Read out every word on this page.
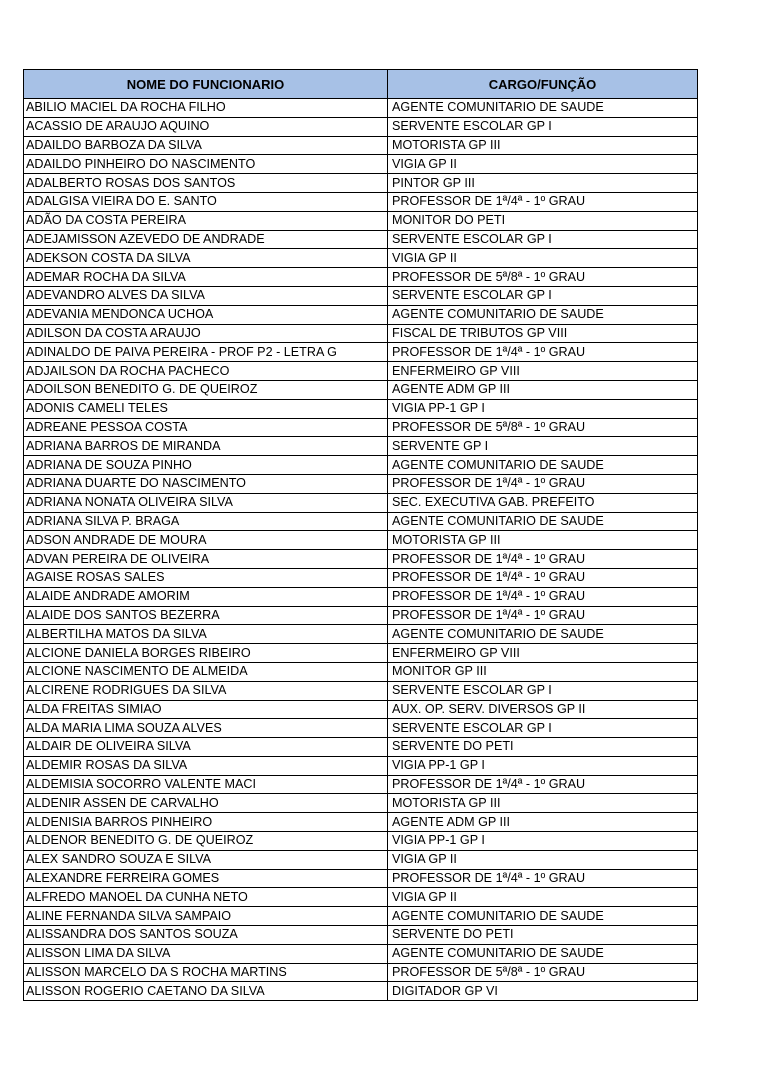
NOME DO FUNCIONARIO	CARGO/FUNÇÃO
ABILIO MACIEL DA ROCHA FILHO	AGENTE COMUNITARIO DE SAUDE
ACASSIO DE ARAUJO AQUINO	SERVENTE ESCOLAR GP I
ADAILDO BARBOZA DA SILVA	MOTORISTA GP III
ADAILDO PINHEIRO DO NASCIMENTO	VIGIA GP II
ADALBERTO ROSAS DOS SANTOS	PINTOR GP III
ADALGISA VIEIRA DO E. SANTO	PROFESSOR DE 1ª/4ª - 1º GRAU
ADÃO DA COSTA PEREIRA	MONITOR DO PETI
ADEJAMISSON AZEVEDO DE ANDRADE	SERVENTE ESCOLAR GP I
ADEKSON COSTA DA SILVA	VIGIA GP II
ADEMAR ROCHA DA SILVA	PROFESSOR DE 5ª/8ª - 1º GRAU
ADEVANDRO ALVES DA SILVA	SERVENTE ESCOLAR GP I
ADEVANIA MENDONCA UCHOA	AGENTE COMUNITARIO DE SAUDE
ADILSON DA COSTA ARAUJO	FISCAL DE TRIBUTOS GP VIII
ADINALDO DE PAIVA PEREIRA - PROF P2 - LETRA G	PROFESSOR DE 1ª/4ª - 1º GRAU
ADJAILSON DA ROCHA PACHECO	ENFERMEIRO GP VIII
ADOILSON BENEDITO G. DE QUEIROZ	AGENTE ADM GP III
ADONIS CAMELI TELES	VIGIA PP-1 GP I
ADREANE PESSOA COSTA	PROFESSOR DE 5ª/8ª - 1º GRAU
ADRIANA BARROS DE MIRANDA	SERVENTE GP I
ADRIANA DE SOUZA PINHO	AGENTE COMUNITARIO DE SAUDE
ADRIANA DUARTE DO NASCIMENTO	PROFESSOR DE 1ª/4ª - 1º GRAU
ADRIANA NONATA OLIVEIRA SILVA	SEC. EXECUTIVA GAB. PREFEITO
ADRIANA SILVA P. BRAGA	AGENTE COMUNITARIO DE SAUDE
ADSON ANDRADE DE MOURA	MOTORISTA GP III
ADVAN PEREIRA DE OLIVEIRA	PROFESSOR DE 1ª/4ª - 1º GRAU
AGAISE ROSAS SALES	PROFESSOR DE 1ª/4ª - 1º GRAU
ALAIDE ANDRADE AMORIM	PROFESSOR DE 1ª/4ª - 1º GRAU
ALAIDE DOS SANTOS BEZERRA	PROFESSOR DE 1ª/4ª - 1º GRAU
ALBERTILHA MATOS DA SILVA	AGENTE COMUNITARIO DE SAUDE
ALCIONE DANIELA BORGES RIBEIRO	ENFERMEIRO GP VIII
ALCIONE NASCIMENTO DE ALMEIDA	MONITOR GP III
ALCIRENE RODRIGUES DA SILVA	SERVENTE ESCOLAR GP I
ALDA FREITAS SIMIAO	AUX. OP. SERV. DIVERSOS GP II
ALDA MARIA LIMA SOUZA ALVES	SERVENTE ESCOLAR GP I
ALDAIR DE OLIVEIRA SILVA	SERVENTE DO PETI
ALDEMIR ROSAS DA SILVA	VIGIA PP-1 GP I
ALDEMISIA SOCORRO VALENTE MACI	PROFESSOR DE 1ª/4ª - 1º GRAU
ALDENIR ASSEN DE CARVALHO	MOTORISTA GP III
ALDENISIA BARROS PINHEIRO	AGENTE ADM GP III
ALDENOR BENEDITO G. DE QUEIROZ	VIGIA PP-1 GP I
ALEX SANDRO SOUZA E SILVA	VIGIA GP II
ALEXANDRE FERREIRA GOMES	PROFESSOR DE 1ª/4ª - 1º GRAU
ALFREDO MANOEL DA CUNHA NETO	VIGIA GP II
ALINE FERNANDA SILVA SAMPAIO	AGENTE COMUNITARIO DE SAUDE
ALISSANDRA DOS SANTOS SOUZA	SERVENTE DO PETI
ALISSON LIMA DA SILVA	AGENTE COMUNITARIO DE SAUDE
ALISSON MARCELO DA S ROCHA MARTINS	PROFESSOR DE 5ª/8ª - 1º GRAU
ALISSON ROGERIO CAETANO DA SILVA	DIGITADOR GP VI
